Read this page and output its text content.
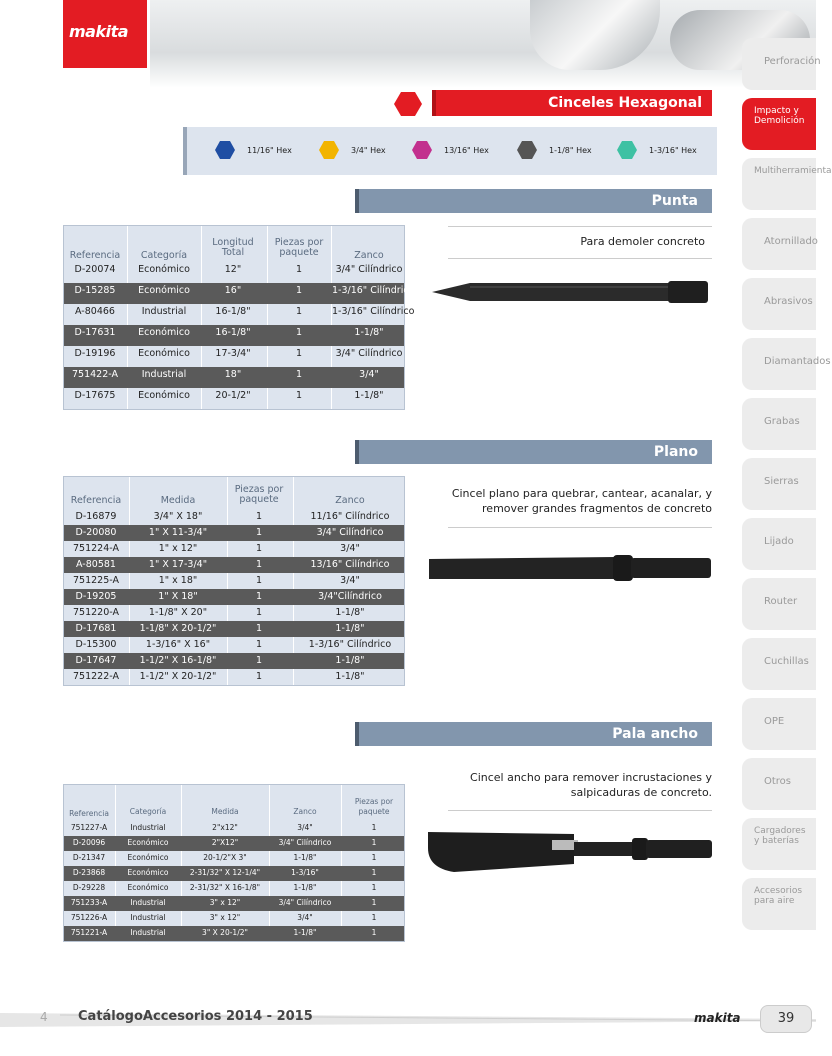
makita
Cinceles Hexagonal
11/16" Hex	3/4" Hex	13/16" Hex	1-1/8" Hex	1-3/16" Hex
Punta
Referencia	Categoría
Longitud Total
Piezas por paquete	Zanco
D-20074	Económico	12"	1	3/4" Cilíndrico
D-15285	Económico	16"	1	1-3/16" Cilíndrico
A-80466	Industrial	16-1/8"	1	1-3/16" Cilíndrico
D-17631	Económico	16-1/8"	1	1-1/8"
D-19196	Económico	17-3/4"	1	3/4" Cilíndrico
751422-A	Industrial	18"	1	3/4"
D-17675	Económico	20-1/2"	1	1-1/8"
Para demoler concreto
Plano
Referencia	Medida
Piezas por paquete	Zanco
D-16879	3/4" X 18"	1	11/16" Cilíndrico
D-20080	1" X 11-3/4"	1	3/4" Cilíndrico
751224-A	1" x 12"	1	3/4"
A-80581	1" X 17-3/4"	1	13/16" Cilíndrico
751225-A	1" x 18"	1	3/4"
D-19205	1" X 18"	1	3/4"Cilíndrico
751220-A	1-1/8" X 20"	1	1-1/8"
D-17681	1-1/8" X 20-1/2"	1	1-1/8"
D-15300	1-3/16" X 16"	1	1-3/16" Cilíndrico
D-17647	1-1/2" X 16-1/8"	1	1-1/8"
751222-A	1-1/2" X 20-1/2"	1	1-1/8"
Cincel plano para quebrar, cantear, acanalar, y
remover grandes fragmentos de concreto
Pala ancho
Referencia	Categoría	Medida	Zanco
Piezas por paquete
751227-A	Industrial	2"x12"	3/4"	1
D-20096	Económico	2"X12"	3/4" Cilíndrico	1
D-21347	Económico	20-1/2"X 3"	1-1/8"	1
D-23868	Económico	2-31/32" X 12-1/4"	1-3/16"	1
D-29228	Económico	2-31/32" X 16-1/8"	1-1/8"	1
751233-A	Industrial	3" x 12"	3/4" Cilíndrico	1
751226-A	Industrial	3" x 12"	3/4"	1
751221-A	Industrial	3" X 20-1/2"	1-1/8"	1
Cincel ancho para remover incrustaciones y
salpicaduras de concreto.
Perforación
Impacto y Demolición
Multiherramienta
Atornillado
Abrasivos
Diamantados
Grabas
Sierras
Lijado
Router
Cuchillas
OPE
Otros
Cargadores y baterías
Accesorios para aire
4 CatálogoAccesorios 2014 - 2015	makita	39
